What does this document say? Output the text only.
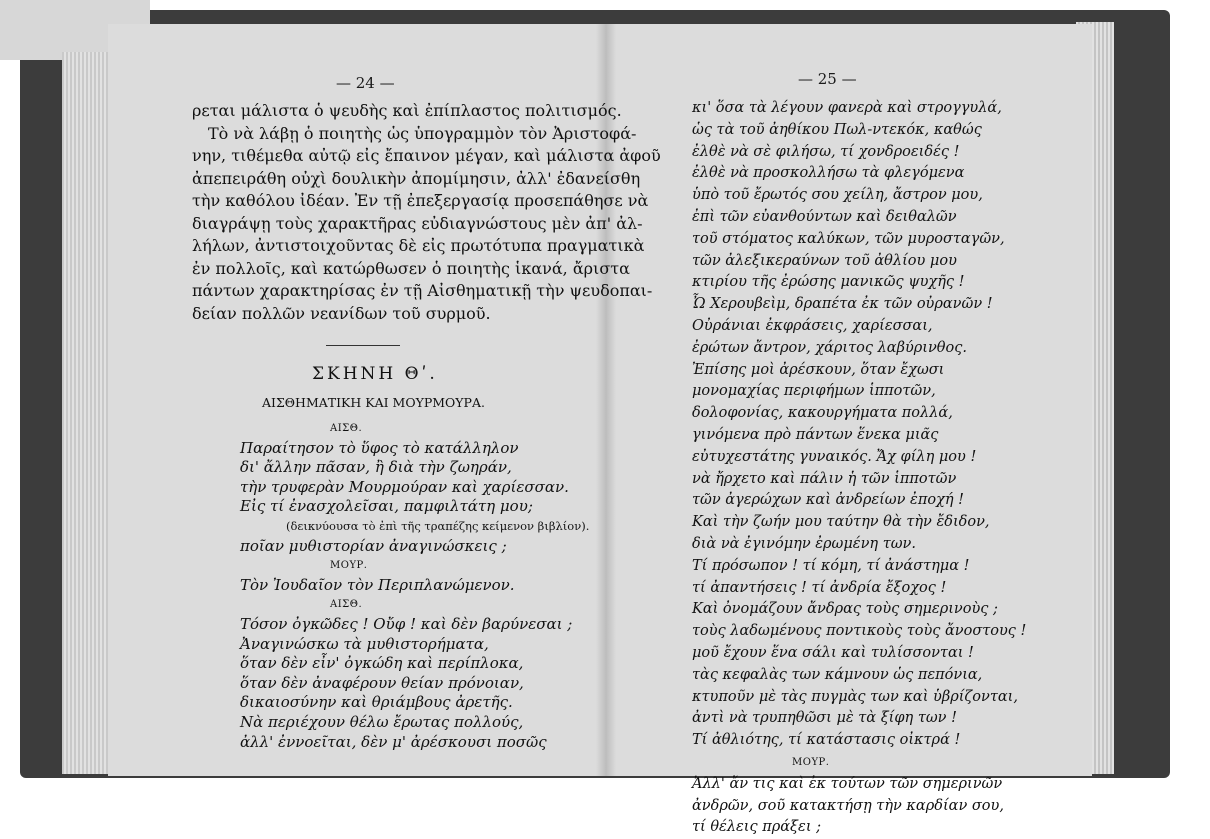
— 24 —
ρεται μάλιστα ὁ ψευδὴς καὶ ἐπίπλαστος πολιτισμός.
Τὸ νὰ λάβῃ ὁ ποιητὴς ὡς ὑπογραμμὸν τὸν Ἀριστοφά-
νην, τιθέμεθα αὐτῷ εἰς ἔπαινον μέγαν, καὶ μάλιστα ἀφοῦ
ἀπεπειράθη οὐχὶ δουλικὴν ἀπομίμησιν, ἀλλ' ἐδανείσθη
τὴν καθόλου ἰδέαν. Ἐν τῇ ἐπεξεργασίᾳ προσεπάθησε νὰ
διαγράψῃ τοὺς χαρακτῆρας εὐδιαγνώστους μὲν ἀπ' ἀλ-
λήλων, ἀντιστοιχοῦντας δὲ εἰς πρωτότυπα πραγματικὰ
ἐν πολλοῖς, καὶ κατώρθωσεν ὁ ποιητὴς ἱκανά, ἄριστα
πάντων χαρακτηρίσας ἐν τῇ Αἰσθηματικῇ τὴν ψευδοπαι-
δείαν πολλῶν νεανίδων τοῦ συρμοῦ.
ΣΚΗΝΗ Θʹ.
ΑΙΣΘΗΜΑΤΙΚΗ ΚΑΙ ΜΟΥΡΜΟΥΡΑ.
ΑΙΣΘ.
Παραίτησον τὸ ὕφος τὸ κατάλληλον
δι' ἄλλην πᾶσαν, ἢ διὰ τὴν ζωηράν,
τὴν τρυφερὰν Μουρμούραν καὶ χαρίεσσαν.
Εἰς τί ἐνασχολεῖσαι, παμφιλτάτη μου;
(δεικνύουσα τὸ ἐπὶ τῆς τραπέζης κείμενον βιβλίον).
ποῖαν μυθιστορίαν ἀναγινώσκεις ;
ΜΟΥΡ.
Τὸν Ἰουδαῖον τὸν Περιπλανώμενον.
ΑΙΣΘ.
Τόσον ὀγκῶδες ! Οὔφ ! καὶ δὲν βαρύνεσαι ;
Ἀναγινώσκω τὰ μυθιστορήματα,
ὅταν δὲν εἶν' ὀγκώδη καὶ περίπλοκα,
ὅταν δὲν ἀναφέρουν θείαν πρόνοιαν,
δικαιοσύνην καὶ θριάμβους ἀρετῆς.
Νὰ περιέχουν θέλω ἔρωτας πολλούς,
ἀλλ' ἐννοεῖται, δὲν μ' ἀρέσκουσι ποσῶς
— 25 —
κι' ὅσα τὰ λέγουν φανερὰ καὶ στρογγυλά,
ὡς τὰ τοῦ ἀηθίκου Πωλ-ντεκόκ, καθώς
ἐλθὲ νὰ σὲ φιλήσω, τί χονδροειδές !
ἐλθὲ νὰ προσκολλήσω τὰ φλεγόμενα
ὑπὸ τοῦ ἔρωτός σου χείλη, ἄστρον μου,
ἐπὶ τῶν εὐανθούντων καὶ δειθαλῶν
τοῦ στόματος καλύκων, τῶν μυροσταγῶν,
τῶν ἀλεξικεραύνων τοῦ ἀθλίου μου
κτιρίου τῆς ἐρώσης μανικῶς ψυχῆς !
Ὦ Χερουβεὶμ, δραπέτα ἐκ τῶν οὐρανῶν !
Οὐράνιαι ἐκφράσεις, χαρίεσσαι,
ἐρώτων ἄντρον, χάριτος λαβύρινθος.
Ἐπίσης μοὶ ἀρέσκουν, ὅταν ἔχωσι
μονομαχίας περιφήμων ἱπποτῶν,
δολοφονίας, κακουργήματα πολλά,
γινόμενα πρὸ πάντων ἕνεκα μιᾶς
εὐτυχεστάτης γυναικός. Ἄχ φίλη μου !
νὰ ἤρχετο καὶ πάλιν ἡ τῶν ἱπποτῶν
τῶν ἀγερώχων καὶ ἀνδρείων ἐποχή !
Καὶ τὴν ζωήν μου ταύτην θὰ τὴν ἔδιδον,
διὰ νὰ ἐγινόμην ἐρωμένη των.
Τί πρόσωπον ! τί κόμη, τί ἀνάστημα !
τί ἀπαντήσεις ! τί ἀνδρία ἔξοχος !
Καὶ ὀνομάζουν ἄνδρας τοὺς σημερινοὺς ;
τοὺς λαδωμένους ποντικοὺς τοὺς ἄνοστους !
μοῦ ἔχουν ἕνα σάλι καὶ τυλίσσονται !
τὰς κεφαλὰς των κάμνουν ὡς πεπόνια,
κτυποῦν μὲ τὰς πυγμὰς των καὶ ὑβρίζονται,
ἀντὶ νὰ τρυπηθῶσι μὲ τὰ ξίφη των !
Τί ἀθλιότης, τί κατάστασις οἰκτρά !
ΜΟΥΡ.
Ἀλλ' ἄν τις καὶ ἐκ τούτων τῶν σημερινῶν
ἀνδρῶν, σοῦ κατακτήσῃ τὴν καρδίαν σου,
τί θέλεις πράξει ;
